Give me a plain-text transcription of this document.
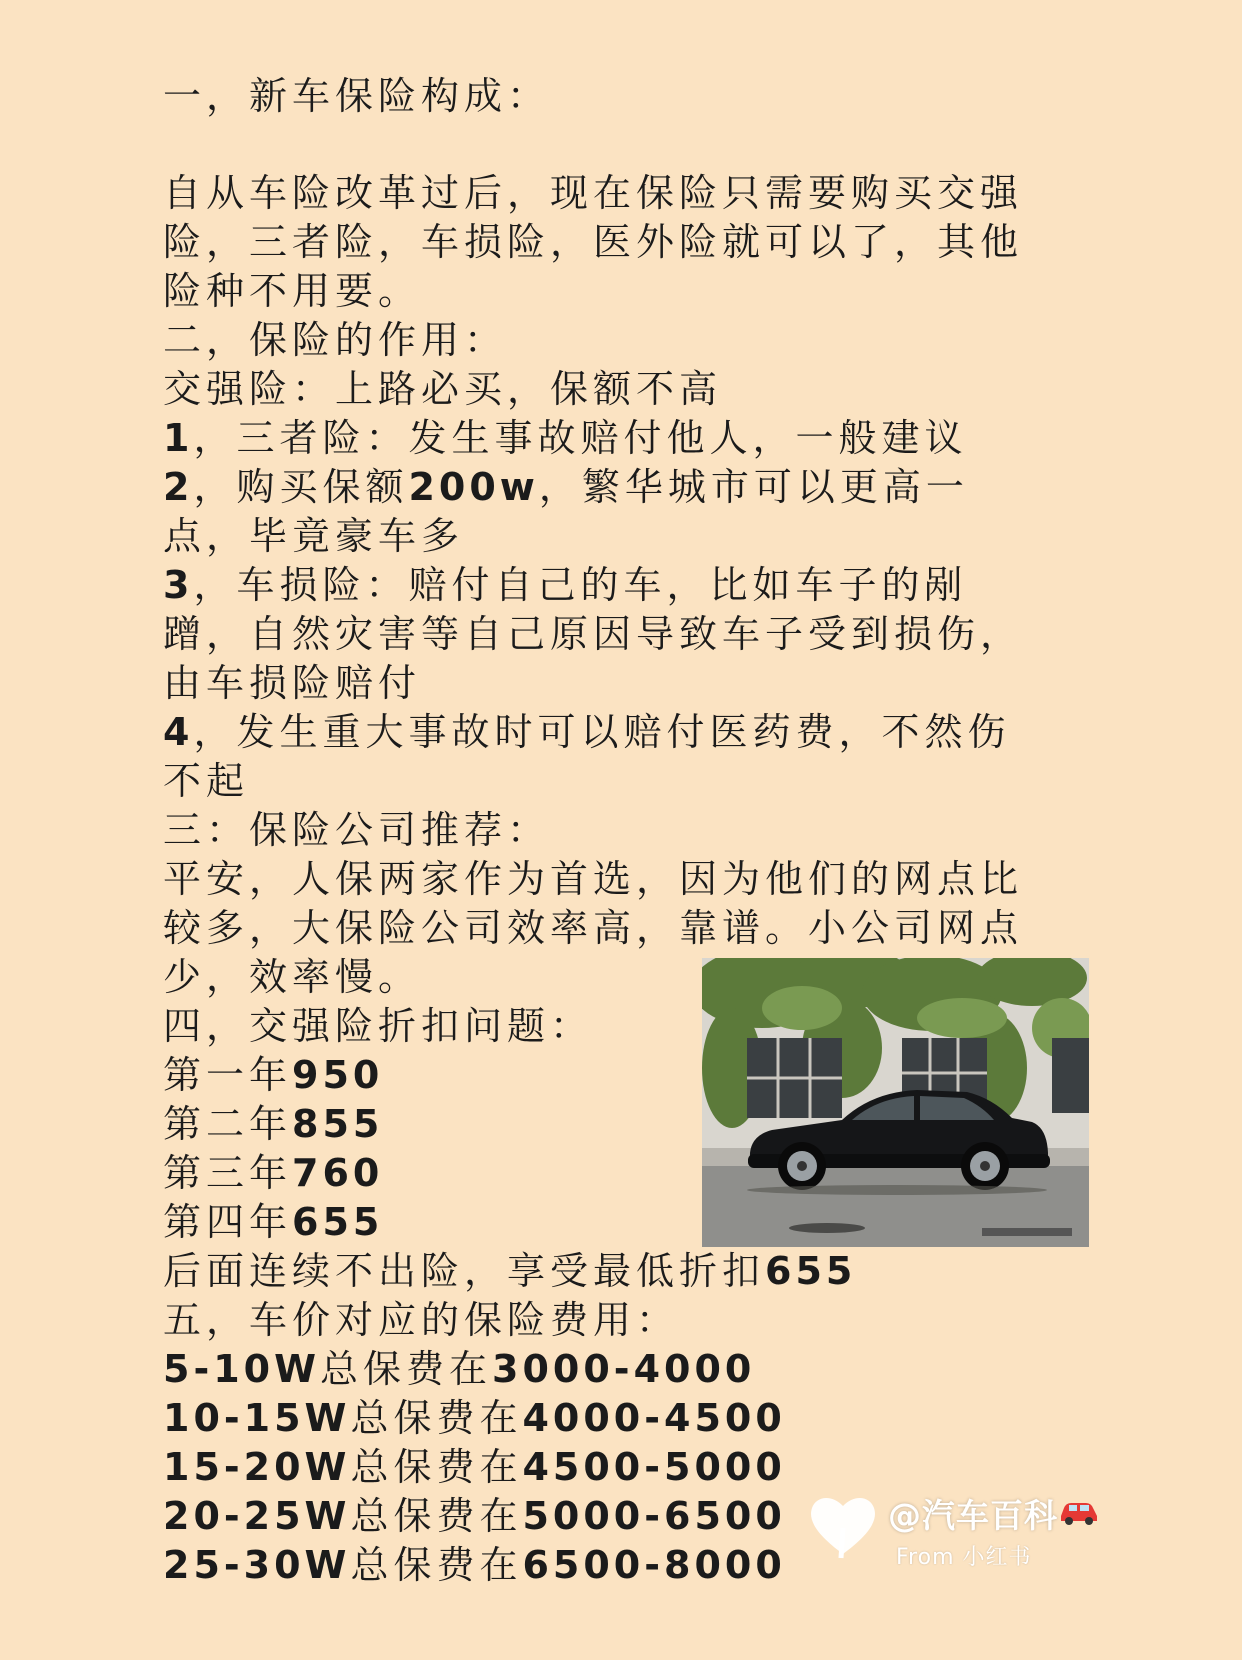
一，新车保险构成：
自从车险改革过后，现在保险只需要购买交强
险，三者险，车损险，医外险就可以了，其他
险种不用要。
二，保险的作用：
交强险：上路必买，保额不高
1，三者险：发生事故赔付他人，一般建议
2，购买保额200w，繁华城市可以更高一
点，毕竟豪车多
3，车损险：赔付自己的车，比如车子的剐
蹭，自然灾害等自己原因导致车子受到损伤，
由车损险赔付
4，发生重大事故时可以赔付医药费，不然伤
不起
三：保险公司推荐：
平安，人保两家作为首选，因为他们的网点比
较多，大保险公司效率高，靠谱。小公司网点
少，效率慢。
四，交强险折扣问题：
第一年950
第二年855
第三年760
第四年655
后面连续不出险，享受最低折扣655
五，车价对应的保险费用：
5-10W总保费在3000-4000
10-15W总保费在4000-4500
15-20W总保费在4500-5000
20-25W总保费在5000-6500
25-30W总保费在6500-8000
@汽车百科
From 小红书
